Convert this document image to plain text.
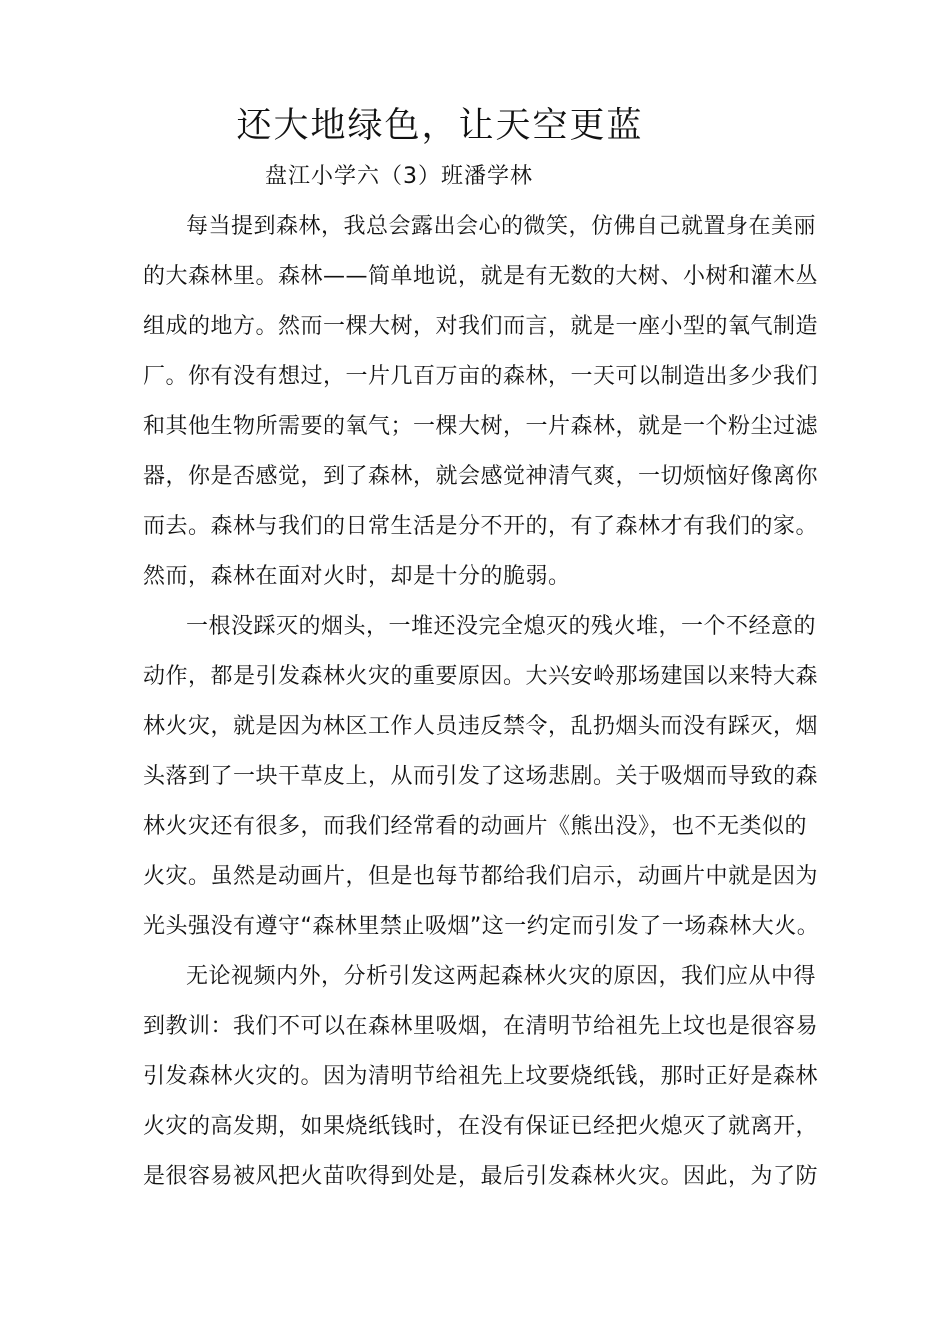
还大地绿色，让天空更蓝
盘江小学六（3）班潘学林
每当提到森林，我总会露出会心的微笑，仿佛自己就置身在美丽
的大森林里。森林——简单地说，就是有无数的大树、小树和灌木丛
组成的地方。然而一棵大树，对我们而言，就是一座小型的氧气制造
厂。你有没有想过，一片几百万亩的森林，一天可以制造出多少我们
和其他生物所需要的氧气；一棵大树，一片森林，就是一个粉尘过滤
器，你是否感觉，到了森林，就会感觉神清气爽，一切烦恼好像离你
而去。森林与我们的日常生活是分不开的，有了森林才有我们的家。
然而，森林在面对火时，却是十分的脆弱。
一根没踩灭的烟头，一堆还没完全熄灭的残火堆，一个不经意的
动作，都是引发森林火灾的重要原因。大兴安岭那场建国以来特大森
林火灾，就是因为林区工作人员违反禁令，乱扔烟头而没有踩灭，烟
头落到了一块干草皮上，从而引发了这场悲剧。关于吸烟而导致的森
林火灾还有很多，而我们经常看的动画片《熊出没》，也不无类似的
火灾。虽然是动画片，但是也每节都给我们启示，动画片中就是因为
光头强没有遵守“森林里禁止吸烟”这一约定而引发了一场森林大火。
无论视频内外，分析引发这两起森林火灾的原因，我们应从中得
到教训：我们不可以在森林里吸烟，在清明节给祖先上坟也是很容易
引发森林火灾的。因为清明节给祖先上坟要烧纸钱，那时正好是森林
火灾的高发期，如果烧纸钱时，在没有保证已经把火熄灭了就离开，
是很容易被风把火苗吹得到处是，最后引发森林火灾。因此，为了防
